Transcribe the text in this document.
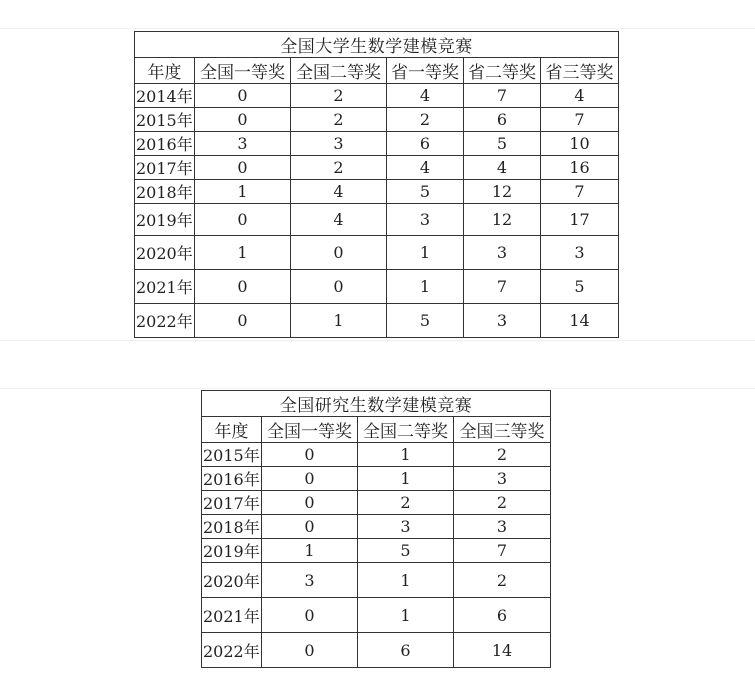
全国大学生数学建模竞赛					
年度	全国一等奖	全国二等奖	省一等奖	省二等奖	省三等奖
2014年	0	2	4	7	4
2015年	0	2	2	6	7
2016年	3	3	6	5	10
2017年	0	2	4	4	16
2018年	1	4	5	12	7
2019年	0	4	3	12	17
2020年	1	0	1	3	3
2021年	0	0	1	7	5
2022年	0	1	5	3	14
全国研究生数学建模竞赛			
年度	全国一等奖	全国二等奖	全国三等奖
2015年	0	1	2
2016年	0	1	3
2017年	0	2	2
2018年	0	3	3
2019年	1	5	7
2020年	3	1	2
2021年	0	1	6
2022年	0	6	14
